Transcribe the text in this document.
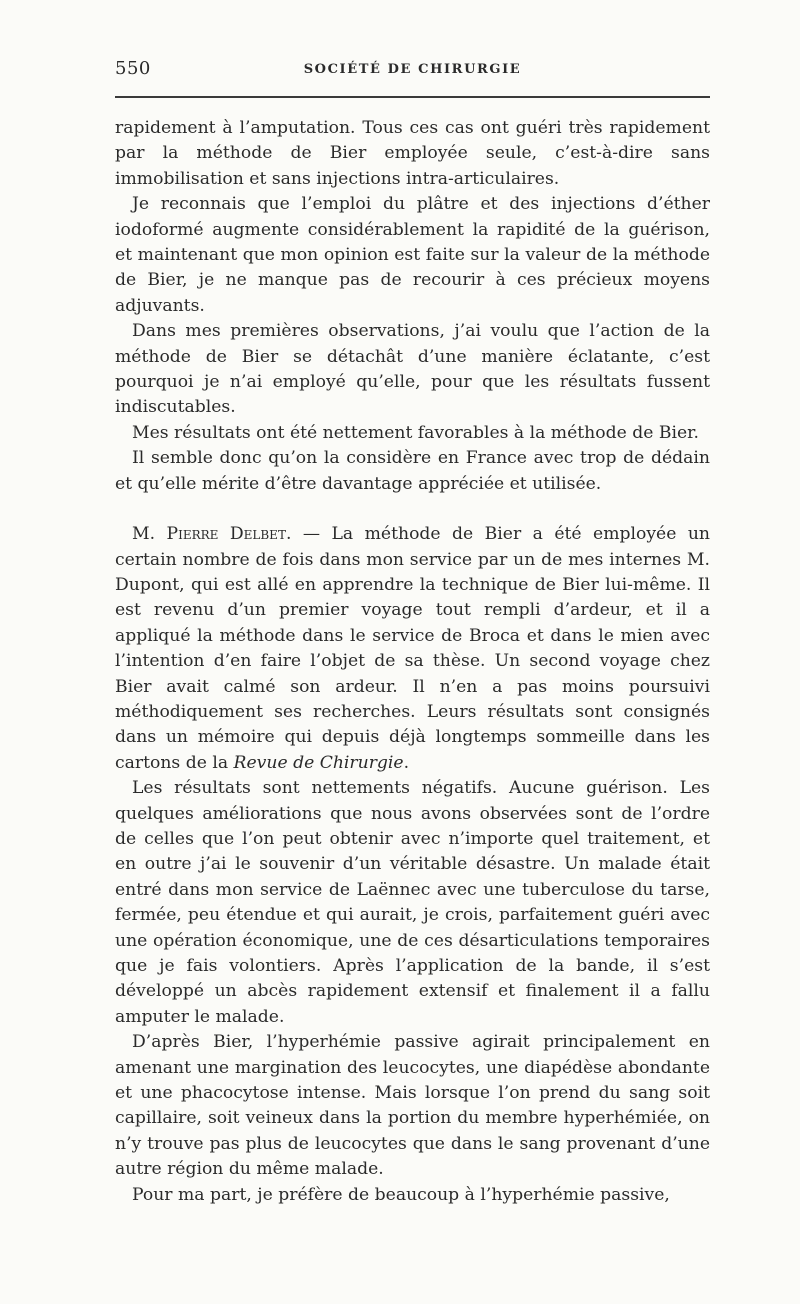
550	SOCIÉTÉ DE CHIRURGIE

rapidement à l’amputation. Tous ces cas ont guéri très rapidement par la méthode de Bier employée seule, c’est-à-dire sans immobilisation et sans injections intra-articulaires.

Je reconnais que l’emploi du plâtre et des injections d’éther iodoformé augmente considérablement la rapidité de la guérison, et maintenant que mon opinion est faite sur la valeur de la méthode de Bier, je ne manque pas de recourir à ces précieux moyens adjuvants.

Dans mes premières observations, j’ai voulu que l’action de la méthode de Bier se détachât d’une manière éclatante, c’est pourquoi je n’ai employé qu’elle, pour que les résultats fussent indiscutables.

Mes résultats ont été nettement favorables à la méthode de Bier.

Il semble donc qu’on la considère en France avec trop de dédain et qu’elle mérite d’être davantage appréciée et utilisée.

M. Pierre Delbet. — La méthode de Bier a été employée un certain nombre de fois dans mon service par un de mes internes M. Dupont, qui est allé en apprendre la technique de Bier lui-même. Il est revenu d’un premier voyage tout rempli d’ardeur, et il a appliqué la méthode dans le service de Broca et dans le mien avec l’intention d’en faire l’objet de sa thèse. Un second voyage chez Bier avait calmé son ardeur. Il n’en a pas moins poursuivi méthodiquement ses recherches. Leurs résultats sont consignés dans un mémoire qui depuis déjà longtemps sommeille dans les cartons de la Revue de Chirurgie.

Les résultats sont nettements négatifs. Aucune guérison. Les quelques améliorations que nous avons observées sont de l’ordre de celles que l’on peut obtenir avec n’importe quel traitement, et en outre j’ai le souvenir d’un véritable désastre. Un malade était entré dans mon service de Laënnec avec une tuberculose du tarse, fermée, peu étendue et qui aurait, je crois, parfaitement guéri avec une opération économique, une de ces désarticulations temporaires que je fais volontiers. Après l’application de la bande, il s’est développé un abcès rapidement extensif et finalement il a fallu amputer le malade.

D’après Bier, l’hyperhémie passive agirait principalement en amenant une margination des leucocytes, une diapédèse abondante et une phacocytose intense. Mais lorsque l’on prend du sang soit capillaire, soit veineux dans la portion du membre hyperhémiée, on n’y trouve pas plus de leucocytes que dans le sang provenant d’une autre région du même malade.

Pour ma part, je préfère de beaucoup à l’hyperhémie passive,
